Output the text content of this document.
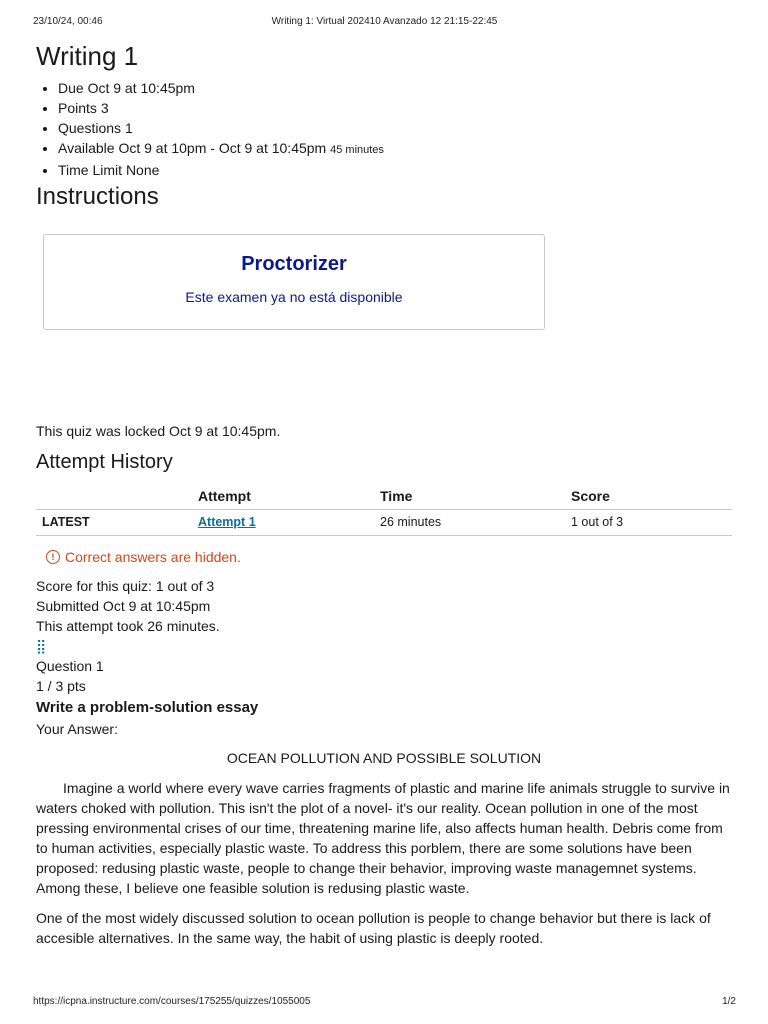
23/10/24, 00:46	Writing 1: Virtual 202410 Avanzado 12 21:15-22:45
Writing 1
• Due Oct 9 at 10:45pm
• Points 3
• Questions 1
• Available Oct 9 at 10pm - Oct 9 at 10:45pm 45 minutes
• Time Limit None
Instructions
Proctorizer
Este examen ya no está disponible
This quiz was locked Oct 9 at 10:45pm.
Attempt History
	Attempt	Time	Score
LATEST	Attempt 1	26 minutes	1 out of 3
! Correct answers are hidden.
Score for this quiz: 1 out of 3
Submitted Oct 9 at 10:45pm
This attempt took 26 minutes.
⣿
Question 1
1 / 3 pts
Write a problem-solution essay
Your Answer:
OCEAN POLLUTION AND POSSIBLE SOLUTION

Imagine a world where every wave carries fragments of plastic and marine life animals struggle to survive in waters choked with pollution. This isn't the plot of a novel- it's our reality. Ocean pollution in one of the most pressing environmental crises of our time, threatening marine life, also affects human health. Debris come from to human activities, especially plastic waste. To address this porblem, there are some solutions have been proposed: redusing plastic waste, people to change their behavior, improving waste managemnet systems. Among these, I believe one feasible solution is redusing plastic waste.

One of the most widely discussed solution to ocean pollution is people to change behavior but there is lack of accesible alternatives. In the same way, the habit of using plastic is deeply rooted.

https://icpna.instructure.com/courses/175255/quizzes/1055005	1/2
